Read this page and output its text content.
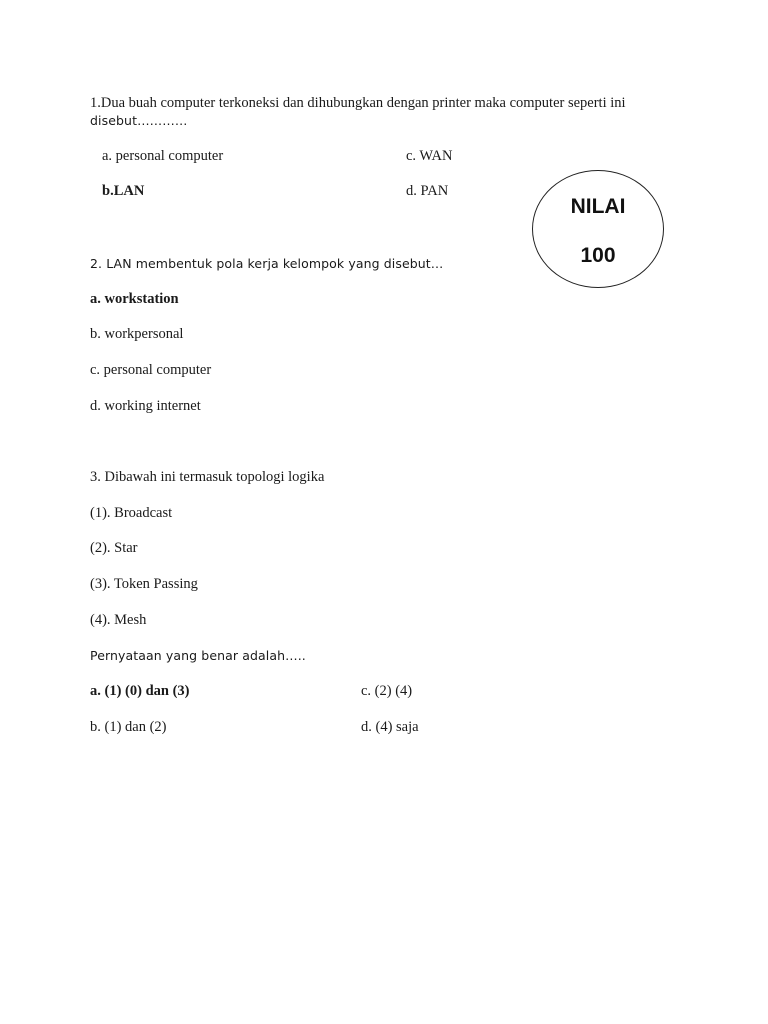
1.Dua buah computer terkoneksi dan dihubungkan dengan printer maka computer seperti ini
disebut…………
a. personal computer	c. WAN
b.LAN	d. PAN
NILAI
100
2. LAN membentuk pola kerja kelompok yang disebut…
a. workstation
b. workpersonal
c. personal computer
d. working internet
3. Dibawah ini termasuk topologi logika
(1). Broadcast
(2). Star
(3). Token Passing
(4). Mesh
Pernyataan yang benar adalah…..
a. (1) (0) dan (3)	c. (2) (4)
b. (1) dan (2)	d. (4) saja
